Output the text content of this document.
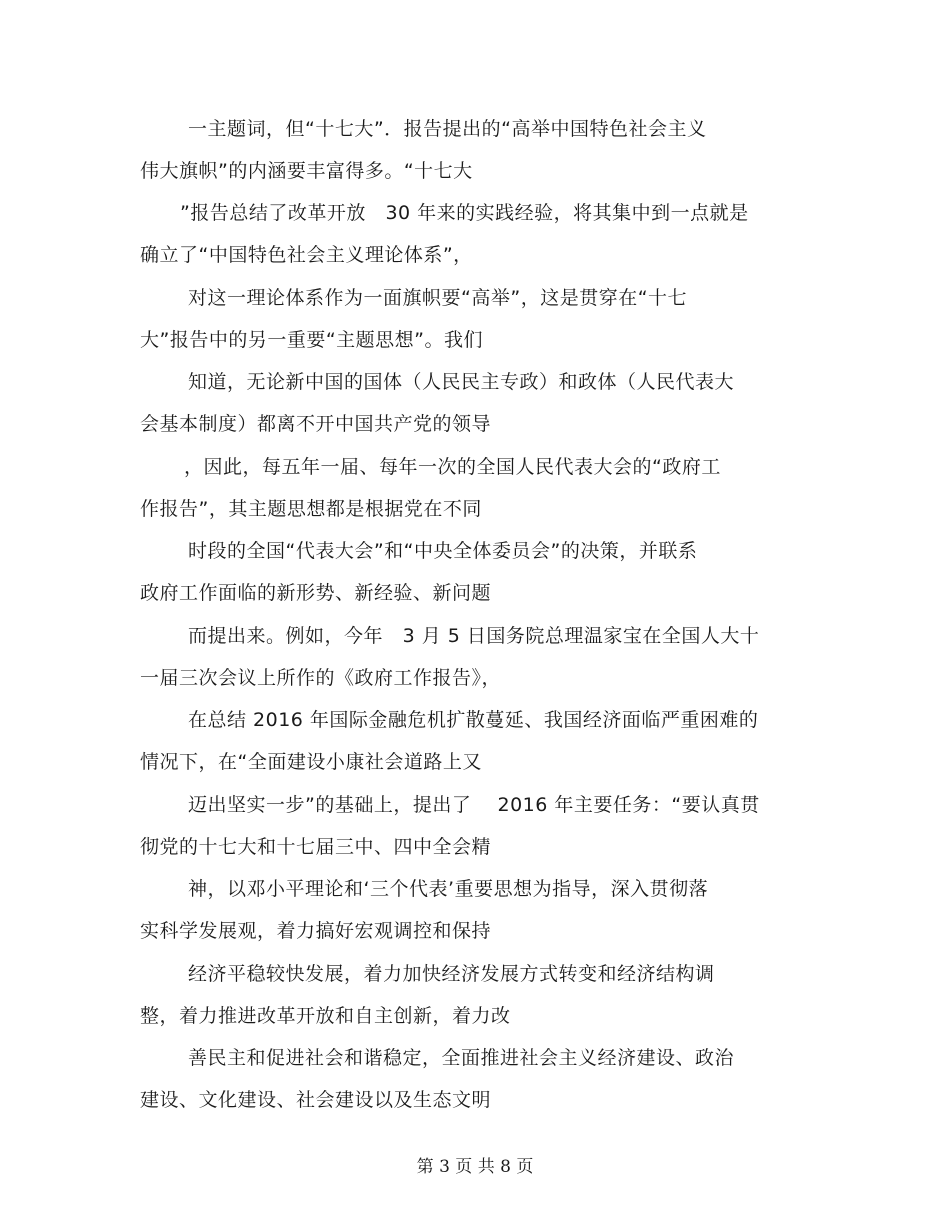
一主题词，但“十七大”．报告提出的“高举中国特色社会主义
伟大旗帜”的内涵要丰富得多。“十七大
”报告总结了改革开放   30 年来的实践经验，将其集中到一点就是
确立了“中国特色社会主义理论体系”，
对这一理论体系作为一面旗帜要“高举”，这是贯穿在“十七
大”报告中的另一重要“主题思想”。我们
知道，无论新中国的国体（人民民主专政）和政体（人民代表大
会基本制度）都离不开中国共产党的领导
，因此，每五年一届、每年一次的全国人民代表大会的“政府工
作报告”，其主题思想都是根据党在不同
时段的全国“代表大会”和“中央全体委员会”的决策，并联系
政府工作面临的新形势、新经验、新问题
而提出来。例如，今年   3 月 5 日国务院总理温家宝在全国人大十
一届三次会议上所作的《政府工作报告》，
在总结 2016 年国际金融危机扩散蔓延、我国经济面临严重困难的
情况下，在“全面建设小康社会道路上又
迈出坚实一步”的基础上，提出了    2016 年主要任务：“要认真贯
彻党的十七大和十七届三中、四中全会精
神，以邓小平理论和‘三个代表’重要思想为指导，深入贯彻落
实科学发展观，着力搞好宏观调控和保持
经济平稳较快发展，着力加快经济发展方式转变和经济结构调
整，着力推进改革开放和自主创新，着力改
善民主和促进社会和谐稳定，全面推进社会主义经济建设、政治
建设、文化建设、社会建设以及生态文明
第 3 页 共 8 页
